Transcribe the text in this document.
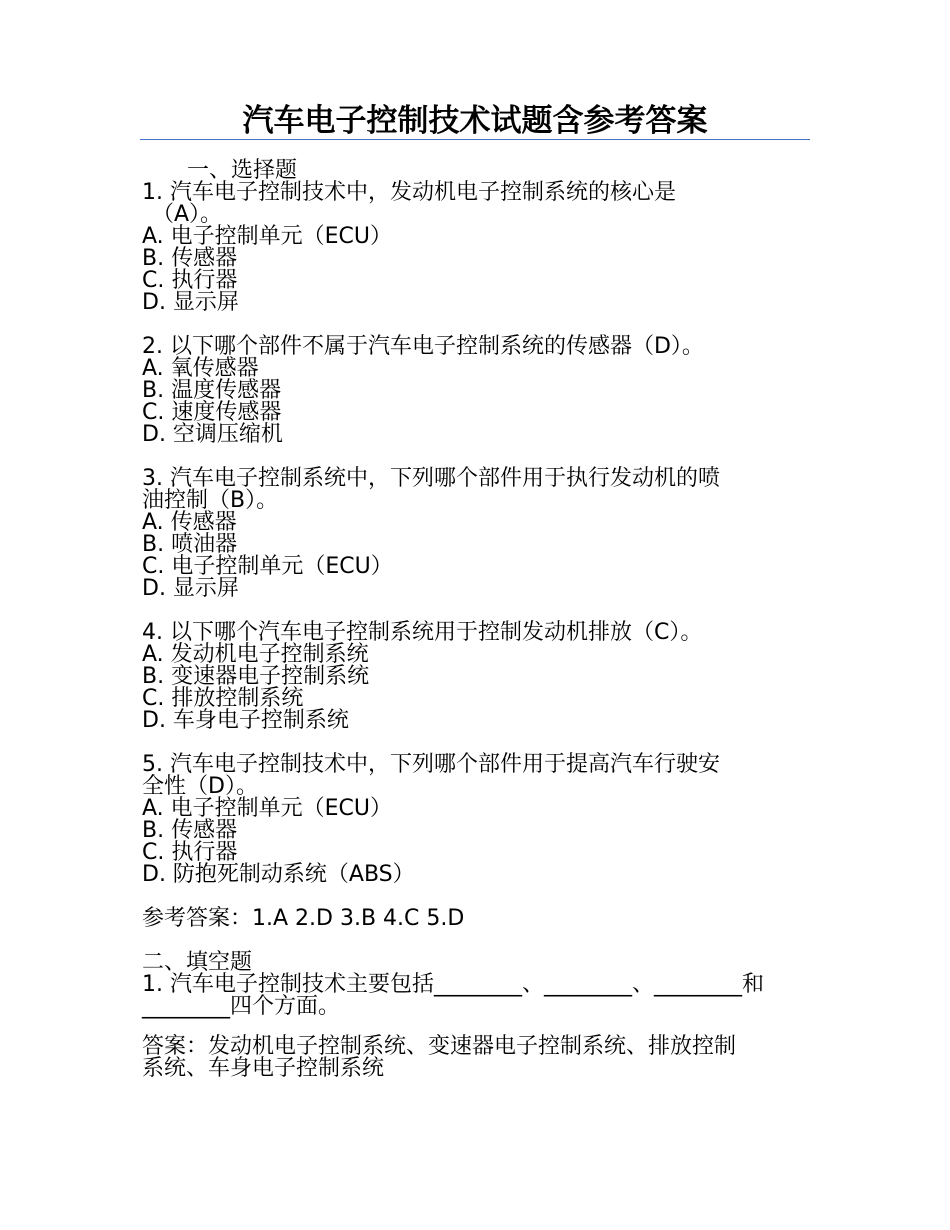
汽车电子控制技术试题含参考答案
一、选择题
1. 汽车电子控制技术中，发动机电子控制系统的核心是
（A）。
A. 电子控制单元（ECU）
B. 传感器
C. 执行器
D. 显示屏
2. 以下哪个部件不属于汽车电子控制系统的传感器（D）。
A. 氧传感器
B. 温度传感器
C. 速度传感器
D. 空调压缩机
3. 汽车电子控制系统中，下列哪个部件用于执行发动机的喷
油控制（B）。
A. 传感器
B. 喷油器
C. 电子控制单元（ECU）
D. 显示屏
4. 以下哪个汽车电子控制系统用于控制发动机排放（C）。
A. 发动机电子控制系统
B. 变速器电子控制系统
C. 排放控制系统
D. 车身电子控制系统
5. 汽车电子控制技术中，下列哪个部件用于提高汽车行驶安
全性（D）。
A. 电子控制单元（ECU）
B. 传感器
C. 执行器
D. 防抱死制动系统（ABS）
参考答案：1.A 2.D 3.B 4.C 5.D
二、填空题
1. 汽车电子控制技术主要包括________、________、________和
________四个方面。
答案：发动机电子控制系统、变速器电子控制系统、排放控制
系统、车身电子控制系统
